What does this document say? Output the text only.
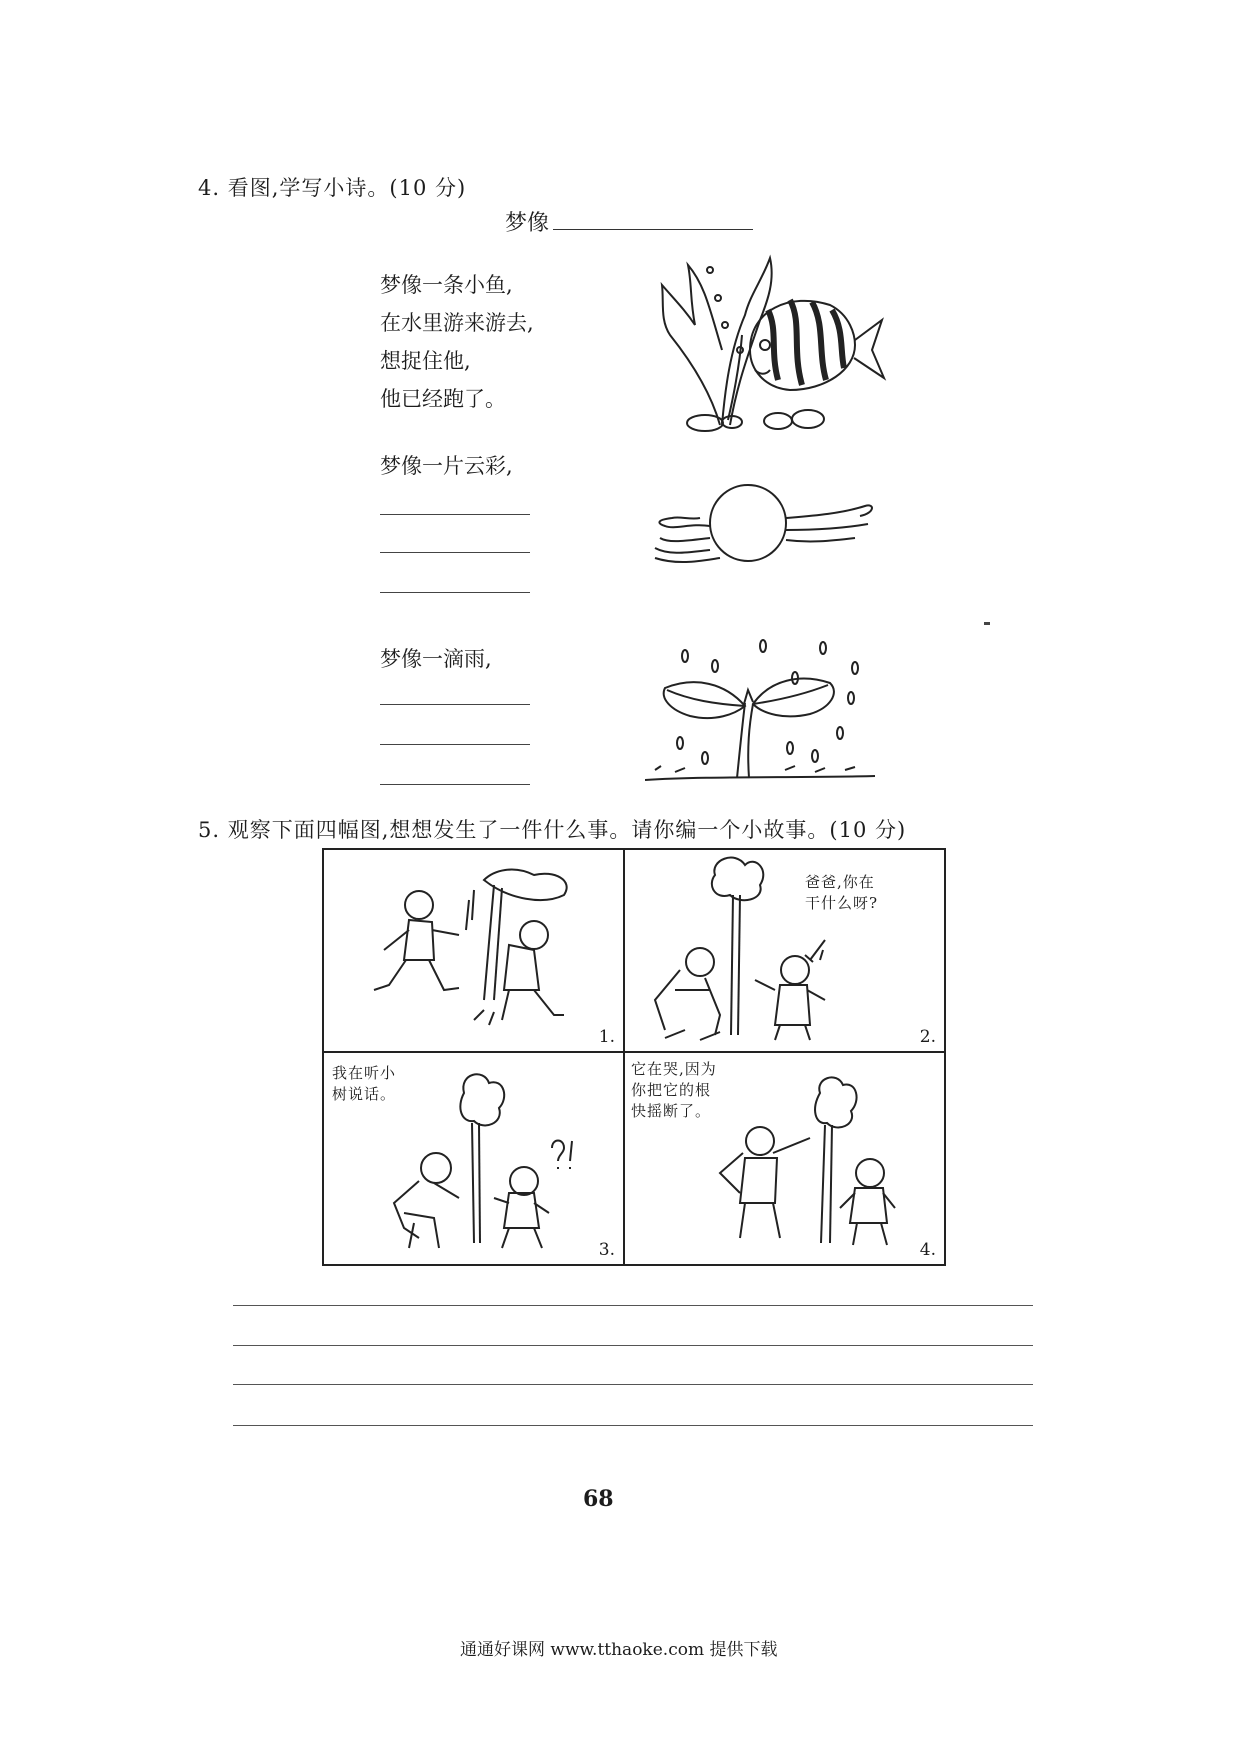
4. 看图,学写小诗。(10 分)
梦像
梦像一条小鱼,
在水里游来游去,
想捉住他,
他已经跑了。
梦像一片云彩,
梦像一滴雨,
5. 观察下面四幅图,想想发生了一件什么事。请你编一个小故事。(10 分)
1.
爸爸,你在
干什么呀?
2.
我在听小
树说话。
3.
它在哭,因为
你把它的根
快摇断了。
4.
68
通通好课网 www.tthaoke.com 提供下载
